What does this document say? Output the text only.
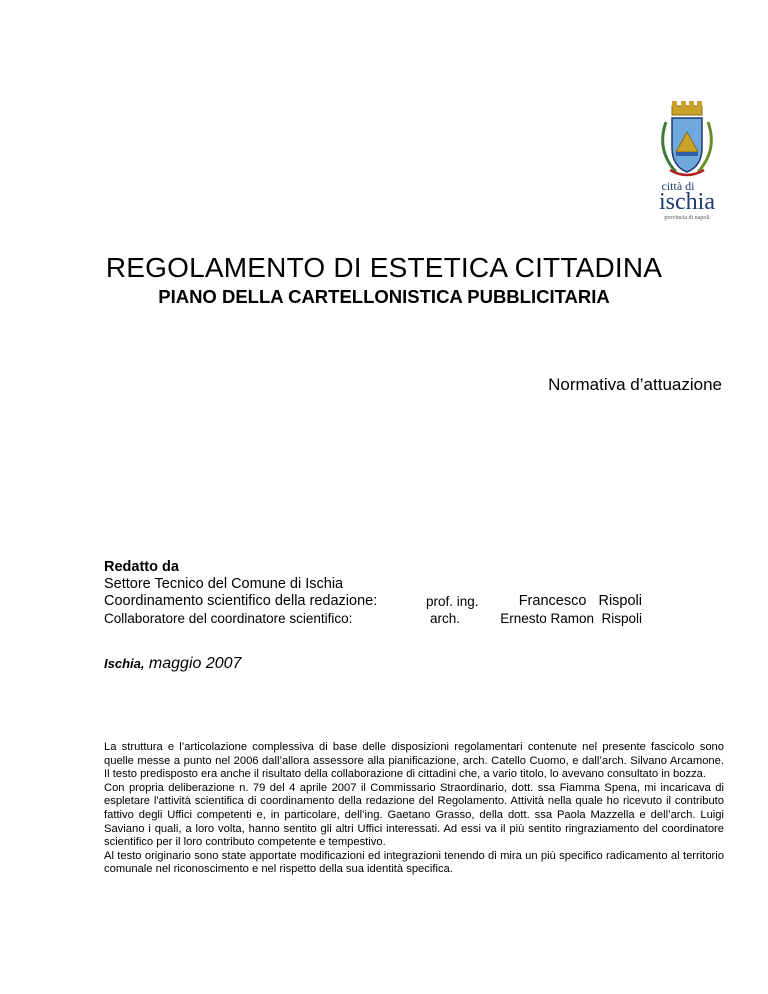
città di
ischia
provincia di napoli
REGOLAMENTO DI ESTETICA CITTADINA
PIANO DELLA CARTELLONISTICA PUBBLICITARIA

Normativa d’attuazione

Redatto da

Settore Tecnico del Comune di Ischia
Coordinamento scientifico della redazione:	prof. ing.	Francesco   Rispoli
Collaboratore del coordinatore scientifico:	arch.	Ernesto Ramon  Rispoli

Ischia, maggio 2007

La struttura e l’articolazione complessiva di base delle disposizioni regolamentari contenute nel presente fascicolo sono quelle messe a punto nel 2006 dall’allora assessore alla pianificazione, arch. Catello Cuomo, e dall’arch. Silvano Arcamone. Il testo predisposto era anche il risultato della collaborazione di cittadini che, a vario titolo, lo avevano consultato in bozza.

Con propria deliberazione n. 79 del 4 aprile 2007 il Commissario Straordinario, dott. ssa Fiamma Spena, mi incaricava di espletare l'attività scientifica di coordinamento della redazione del Regolamento. Attività nella quale ho ricevuto il contributo fattivo degli Uffici competenti e, in particolare, dell’ing. Gaetano Grasso, della dott. ssa Paola Mazzella e dell’arch. Luigi Saviano i quali, a loro volta, hanno sentito gli altri Uffici interessati. Ad essi va il più sentito ringraziamento del coordinatore scientifico per il loro contributo competente e tempestivo.

Al testo originario sono state apportate modificazioni ed integrazioni tenendo di mira un più specifico radicamento al territorio comunale nel riconoscimento e nel rispetto della sua identità specifica.
